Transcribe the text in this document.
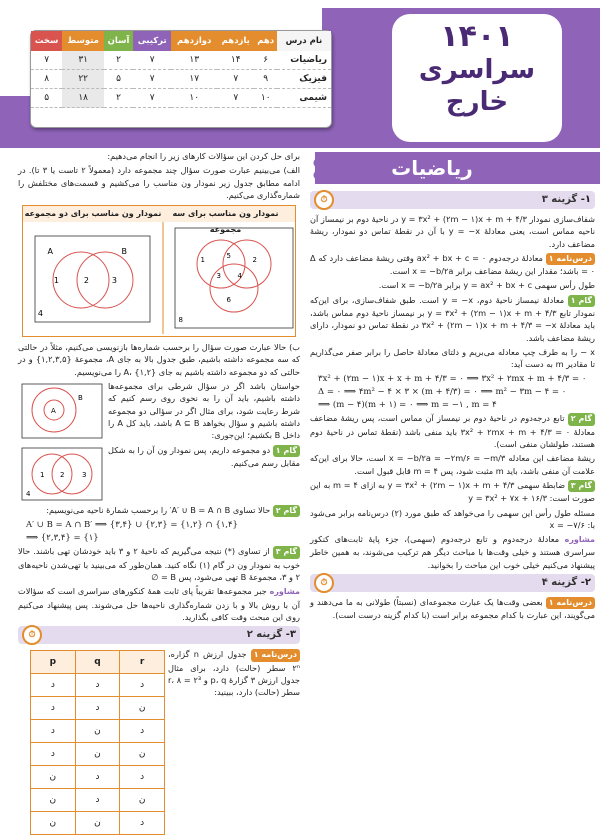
۱۴۰۱
سراسری
خارج
نام درس	دهم	یازدهم	دوازدهم	ترکیبی	آسان	متوسط	سخت
ریاضیات	۶	۱۴	۱۳	۷	۲	۳۱	۷
فیزیک	۹	۷	۱۷	۷	۵	۲۲	۸
شیمی	۱۰	۷	۱۰	۷	۲	۱۸	۵
ریاضیات
۱- گزینه ۳
⏱

شفاف‌سازی نمودار y = ۳x² + (۲m − ۱)x + m + ۴/۳ در ناحیهٔ دوم بر نیمساز آن ناحیه مماس است، یعنی معادلهٔ y = −x با آن در نقطهٔ تماس دو نمودار، ریشهٔ مضاعف دارد.

درس‌نامه ۱ معادلهٔ درجه‌دوم ax² + bx + c = ۰ وقتی ریشهٔ مضاعف دارد که Δ = ۰ باشد؛ مقدار این ریشهٔ مضاعف برابر x = −b/۲a است.

طول رأس سهمی y = ax² + bx + c برابر x = −b/۲a است.

گام ۱ معادلهٔ نیمساز ناحیهٔ دوم، y = −x است. طبق شفاف‌سازی، برای این‌که نمودار تابع y = ۳x² + (۲m − ۱)x + m + ۴/۳ بر نیمساز ناحیهٔ دوم مماس باشد، باید معادلهٔ ۳x² + (۲m − ۱)x + m + ۴/۳ = −x در نقطهٔ تماس دو نمودار، دارای ریشهٔ مضاعف باشد.

x − را به طرف چپ معادله می‌بریم و دلتای معادلهٔ حاصل را برابر صفر می‌گذاریم تا مقادیر m به دست آید:

۳x² + (۲m − ۱)x + x + m + ۴/۳ = ۰ ⟹ ۳x² + ۲mx + m + ۴/۳ = ۰
Δ = ۰ ⟹ ۴m² − ۴ × ۳ × (m + ۴/۳) = ۰ ⟹ m² − ۳m − ۴ = ۰
⟹ (m − ۴)(m + ۱) = ۰ ⟹ m = −۱ , m = ۴

گام ۲ تابع درجه‌دوم در ناحیهٔ دوم بر نیمساز آن مماس است، پس ریشهٔ مضاعف معادلهٔ ۳x² + ۲mx + m + ۴/۳ = ۰ باید منفی باشد (نقطهٔ تماس در ناحیهٔ دوم هستند، طولشان منفی است).

ریشهٔ مضاعف این معادله x = −b/۲a = −۲m/۶ = −m/۳ است، حالا برای این‌که علامت آن منفی باشد، باید m مثبت شود، پس m = ۴ قابل قبول است.

گام ۳ ضابطهٔ سهمی y = ۳x² + (۲m − ۱)x + m + ۴/۳ به ازای m = ۴ به این صورت است: y = ۳x² + ۷x + ۱۶/۳

مسئله طول رأس این سهمی را می‌خواهد که طبق مورد (۲) درس‌نامه برابر می‌شود با: x = −۷/۶

مشاوره معادلهٔ درجه‌دوم و تابع درجه‌دوم (سهمی)، جزء پایهٔ ثابت‌های کنکور سراسری هستند و خیلی وقت‌ها با مباحث دیگر هم ترکیب می‌شوند، به همین خاطر پیشنهاد می‌کنیم خیلی خوب این مباحث را بخوانید.

۲- گزینه ۴
⏱

درس‌نامه ۱ بعضی وقت‌ها یک عبارت مجموعه‌ای (نسبتاً) طولانی به ما می‌دهند و می‌گویند، این عبارت با کدام مجموعه برابر است (با کدام گزینه درست است).

برای حل کردن این سؤالات کارهای زیر را انجام می‌دهیم:

الف) می‌بینیم عبارت صورت سؤال چند مجموعه دارد (معمولاً ۲ تاست یا ۳ تا). در ادامه مطابق جدول زیر نمودار ون مناسب را می‌کشیم و قسمت‌های مختلفش را شماره‌گذاری می‌کنیم.

نمودار ون مناسب برای سه مجموعه
نمودار ون مناسب برای دو مجموعه
1	2	3
4
A	B
1	5	2
3 4
6
8

ب) حالا عبارت صورت سؤال را برحسب شماره‌ها بازنویسی می‌کنیم، مثلاً در حالتی که سه مجموعه داشته باشیم، طبق جدول بالا به جای A، مجموعهٔ {۱,۲,۳,۵} و در حالتی که دو مجموعه داشته باشیم به جای A، {۱,۲} را می‌نویسیم.

A
B

حواستان باشد اگر در سؤال شرطی برای مجموعه‌ها داشته باشیم، باید آن را به نحوی روی رسم کنیم که شرط رعایت شود، برای مثال اگر در سؤالی دو مجموعه داشته باشیم و سؤال بخواهد A ⊆ B باشد، باید کل A را داخل B بکشیم؛ این‌جوری:

1 2	3
4

گام ۱ دو مجموعه داریم، پس نمودار ون آن را به شکل مقابل رسم می‌کنیم.

گام ۲ حالا تساوی A′ ∪ B = A ∩ B′ را برحسب شمارهٔ ناحیه می‌نویسیم:

A′ ∪ B = A ∩ B′ ⟹ {۳,۴} ∪ {۲,۳} = {۱,۲} ∩ {۱,۴}
⟹ {۲,۳,۴} = {۱}

گام ۳ از تساوی (*) نتیجه می‌گیریم که ناحیهٔ ۲ و ۳ باید خودشان تهی باشند. حالا خوب به نمودار ون در گام (۱) نگاه کنید. همان‌طور که می‌بینید با تهی‌شدن ناحیه‌های ۲ و ۳، مجموعهٔ B تهی می‌شود، پس B = ∅

مشاوره جبر مجموعه‌ها تقریباً پای ثابت همهٔ کنکورهای سراسری است که سؤالات آن با روش بالا و با زدن شماره‌گذاری ناحیه‌ها حل می‌شوند. پس پیشنهاد می‌کنیم روی این مبحث وقت کافی بگذارید.

۳- گزینه ۲
⏱

درس‌نامه ۱ جدول ارزش n گزاره، ۲ⁿ سطر (حالت) دارد، برای مثال جدول ارزش ۳ گزارهٔ p، q و r، ۸ = ۲³ سطر (حالت) دارد، ببینید:

p	q	r
د	د	د
د	د	ن
د	ن	د
د	ن	ن
ن	د	د
ن	د	ن
ن	ن	د
